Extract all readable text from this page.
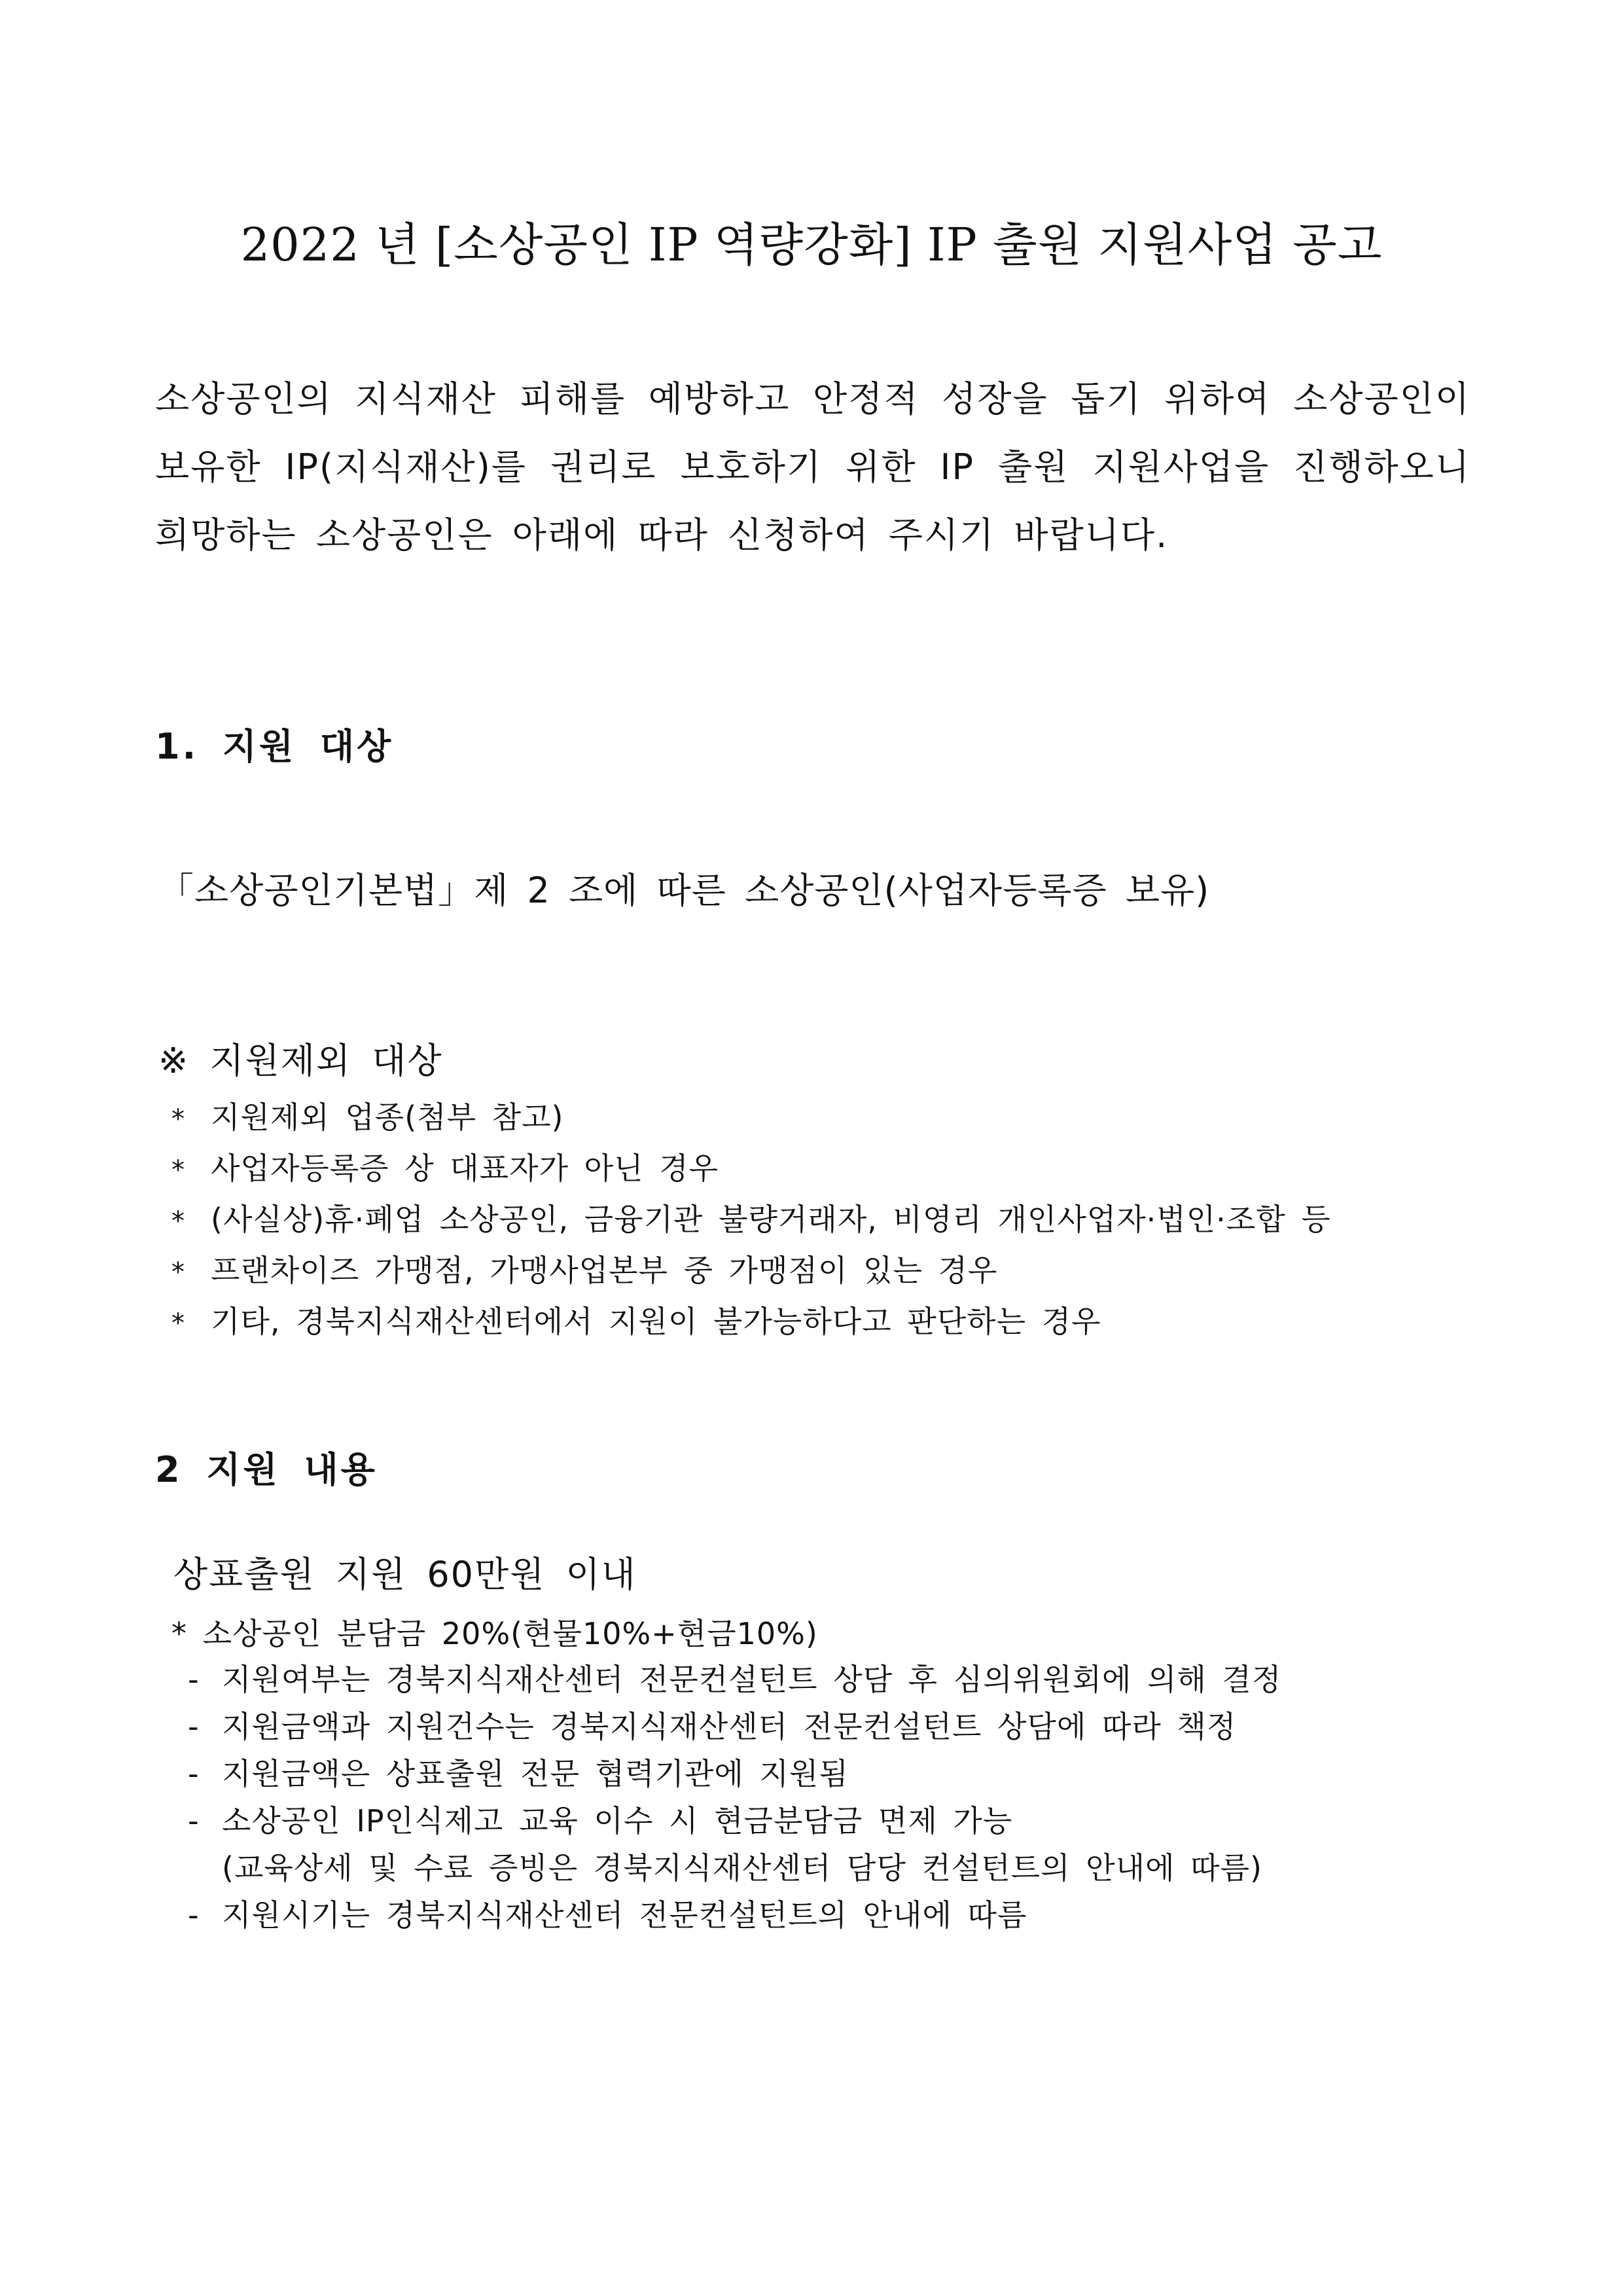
2022 년 [소상공인 IP 역량강화] IP 출원 지원사업 공고
소상공인의 지식재산 피해를 예방하고 안정적 성장을 돕기 위하여 소상공인이 보유한 IP(지식재산)를 권리로 보호하기 위한 IP 출원 지원사업을 진행하오니 희망하는 소상공인은 아래에 따라 신청하여 주시기 바랍니다.
1. 지원 대상
「소상공인기본법」제 2 조에 따른 소상공인(사업자등록증 보유)
※ 지원제외 대상
* 지원제외 업종(첨부 참고)
* 사업자등록증 상 대표자가 아닌 경우
* (사실상)휴·폐업 소상공인, 금융기관 불량거래자, 비영리 개인사업자·법인·조합 등
* 프랜차이즈 가맹점, 가맹사업본부 중 가맹점이 있는 경우
* 기타, 경북지식재산센터에서 지원이 불가능하다고 판단하는 경우
2 지원 내용
상표출원 지원 60만원 이내
* 소상공인 분담금 20%(현물10%+현금10%)
- 지원여부는 경북지식재산센터 전문컨설턴트 상담 후 심의위원회에 의해 결정
- 지원금액과 지원건수는 경북지식재산센터 전문컨설턴트 상담에 따라 책정
- 지원금액은 상표출원 전문 협력기관에 지원됨
- 소상공인 IP인식제고 교육 이수 시 현금분담금 면제 가능
(교육상세 및 수료 증빙은 경북지식재산센터 담당 컨설턴트의 안내에 따름)
- 지원시기는 경북지식재산센터 전문컨설턴트의 안내에 따름
